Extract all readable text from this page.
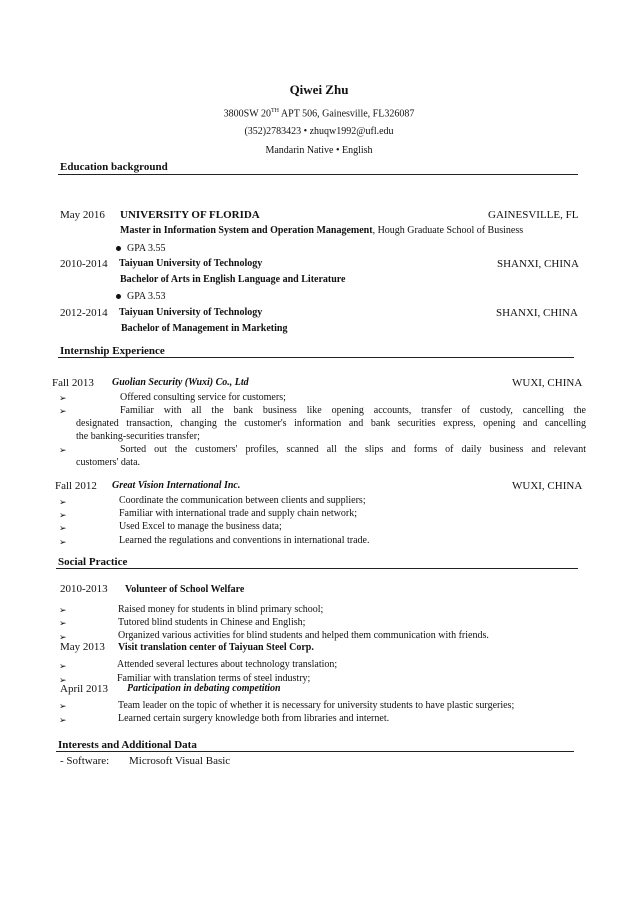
Qiwei Zhu
3800SW 20TH APT 506, Gainesville, FL326087
(352)2783423 • zhuqw1992@ufl.edu
Mandarin Native • English
Education background
May 2016 UNIVERSITY OF FLORIDA	GAINESVILLE, FL
Master in Information System and Operation Management, Hough Graduate School of Business
GPA 3.55
2010-2014 Taiyuan University of Technology	SHANXI, CHINA
Bachelor of Arts in English Language and Literature
GPA 3.53
2012-2014 Taiyuan University of Technology	SHANXI, CHINA
Bachelor of Management in Marketing
Internship Experience
Fall 2013 Guolian Security (Wuxi) Co., Ltd	WUXI, CHINA
➢	Offered consulting service for customers;
➢	Familiar with all the bank business like opening accounts, transfer of custody, cancelling the
designated transaction, changing the customer's information and bank securities express, opening and cancelling
the banking-securities transfer;
➢	Sorted out the customers' profiles, scanned all the slips and forms of daily business and relevant
customers' data.
Fall 2012 Great Vision International Inc.	WUXI, CHINA
➢	Coordinate the communication between clients and suppliers;
➢	Familiar with international trade and supply chain network;
➢	Used Excel to manage the business data;
➢	Learned the regulations and conventions in international trade.
Social Practice
2010-2013 Volunteer of School Welfare
➢	Raised money for students in blind primary school;
➢	Tutored blind students in Chinese and English;
➢	Organized various activities for blind students and helped them communication with friends.
May 2013 Visit translation center of Taiyuan Steel Corp.
➢	Attended several lectures about technology translation;
➢	Familiar with translation terms of steel industry;
April 2013 Participation in debating competition
➢	Team leader on the topic of whether it is necessary for university students to have plastic surgeries;
➢	Learned certain surgery knowledge both from libraries and internet.
Interests and Additional Data
- Software: Microsoft Visual Basic
